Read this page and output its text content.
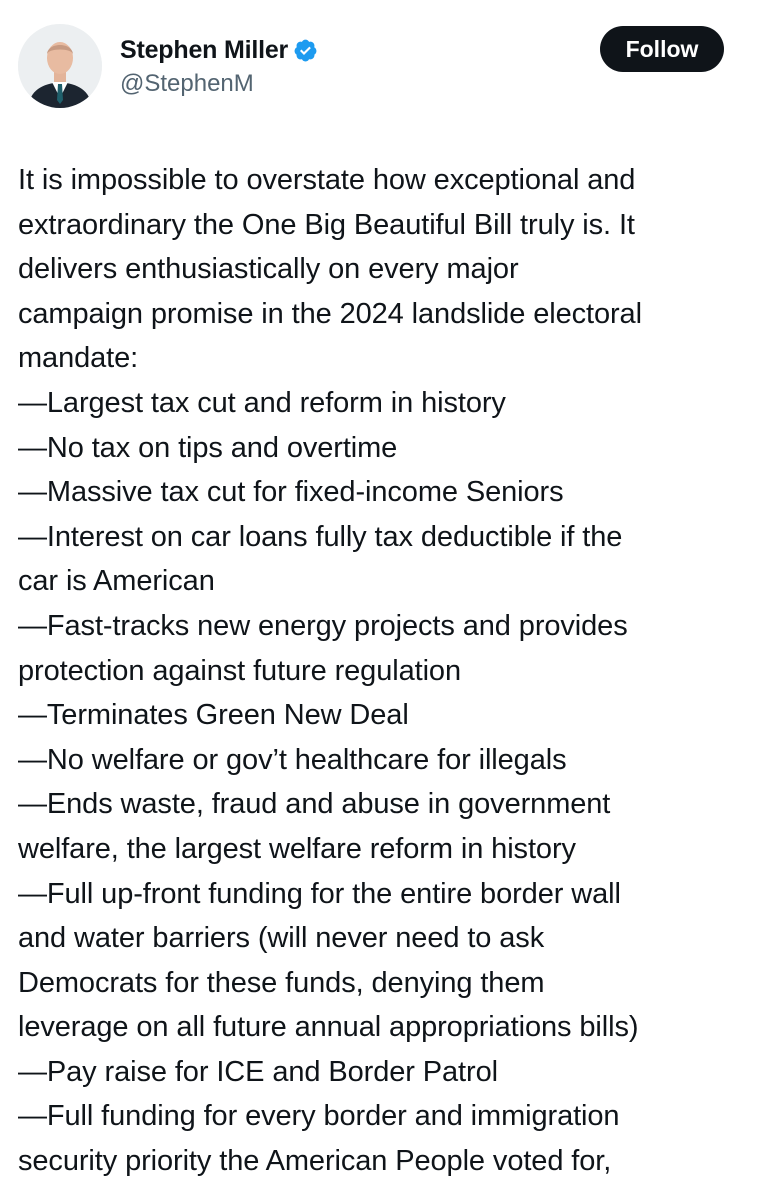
Stephen Miller
@StephenM
Follow
It is impossible to overstate how exceptional and
extraordinary the One Big Beautiful Bill truly is. It
delivers enthusiastically on every major
campaign promise in the 2024 landslide electoral
mandate:
—Largest tax cut and reform in history
—No tax on tips and overtime
—Massive tax cut for fixed-income Seniors
—Interest on car loans fully tax deductible if the
car is American
—Fast-tracks new energy projects and provides
protection against future regulation
—Terminates Green New Deal
—No welfare or gov’t healthcare for illegals
—Ends waste, fraud and abuse in government
welfare, the largest welfare reform in history
—Full up-front funding for the entire border wall
and water barriers (will never need to ask
Democrats for these funds, denying them
leverage on all future annual appropriations bills)
—Pay raise for ICE and Border Patrol
—Full funding for every border and immigration
security priority the American People voted for,
